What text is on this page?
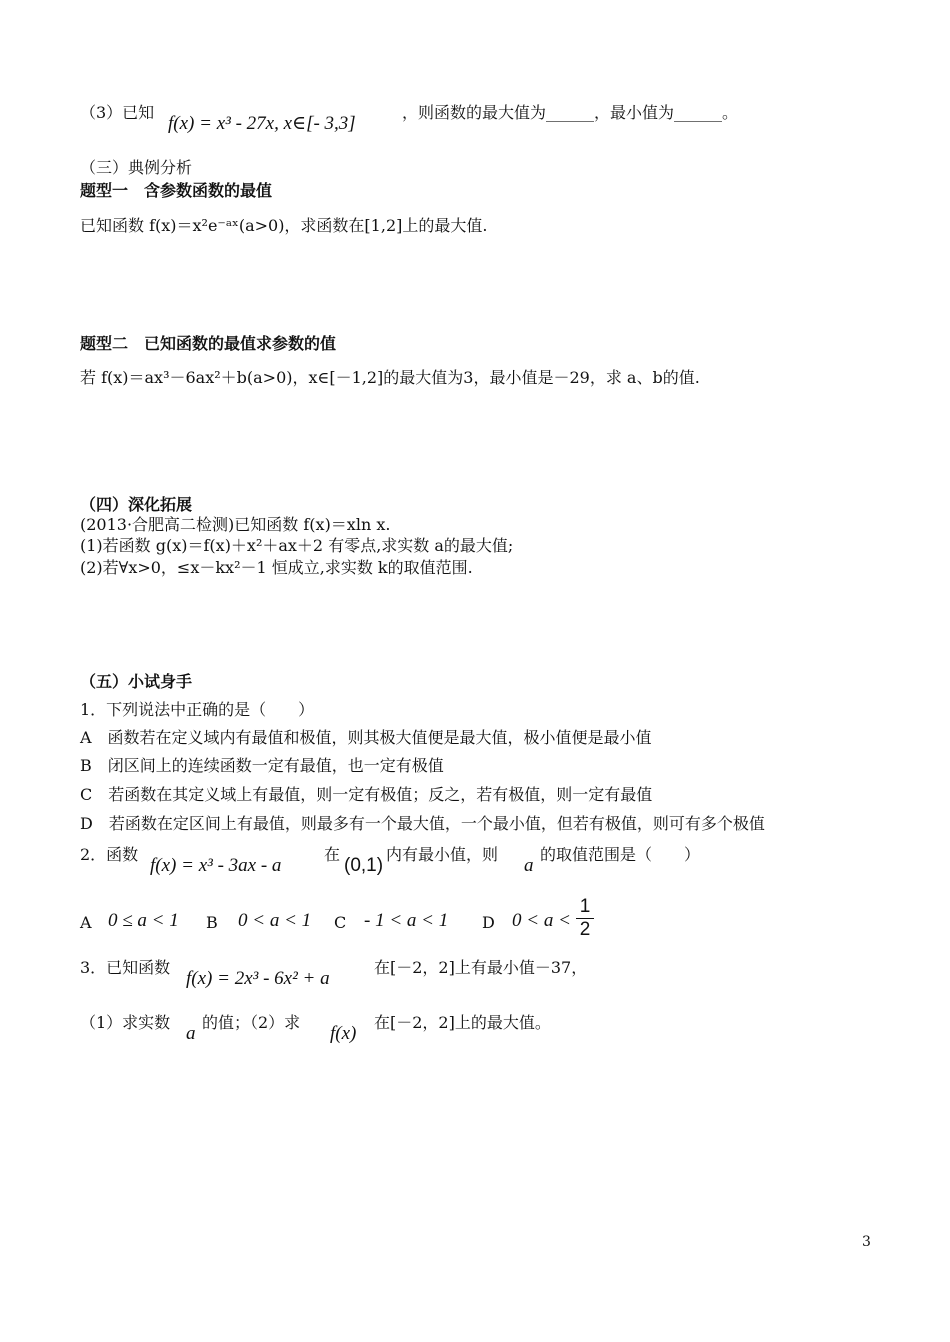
（3）已知
f(x) = x³ - 27x, x∈[- 3,3]
，则函数的最大值为______，最小值为______。
（三）典例分析
题型一　含参数函数的最值
已知函数 f(x)＝x²e⁻ᵃˣ(a>0)，求函数在[1,2]上的最大值.
题型二　已知函数的最值求参数的值
若 f(x)＝ax³－6ax²＋b(a>0)，x∈[－1,2]的最大值为3，最小值是－29，求 a、b的值.
（四）深化拓展
(2013·合肥高二检测)已知函数 f(x)＝xln x.
(1)若函数 g(x)＝f(x)＋x²＋ax＋2 有零点,求实数 a的最大值;
(2)若∀x>0，≤x－kx²－1 恒成立,求实数 k的取值范围.
（五）小试身手
1．下列说法中正确的是（　　）
A　函数若在定义域内有最值和极值，则其极大值便是最大值，极小值便是最小值
B　闭区间上的连续函数一定有最值，也一定有极值
C　若函数在其定义域上有最值，则一定有极值；反之，若有极值，则一定有最值
D　若函数在定区间上有最值，则最多有一个最大值，一个最小值，但若有极值，则可有多个极值
2．函数
f(x) = x³ - 3ax - a
在
(0,1)
内有最小值，则
a
的取值范围是（　　）
A 0 ≤ a < 1 B 0 < a < 1 C - 1 < a < 1 D 0 < a <
1
2
3．已知函数
f(x) = 2x³ - 6x² + a
在[－2，2]上有最小值－37，
（1）求实数
a
的值；（2）求
f(x)
在[－2，2]上的最大值。
3
